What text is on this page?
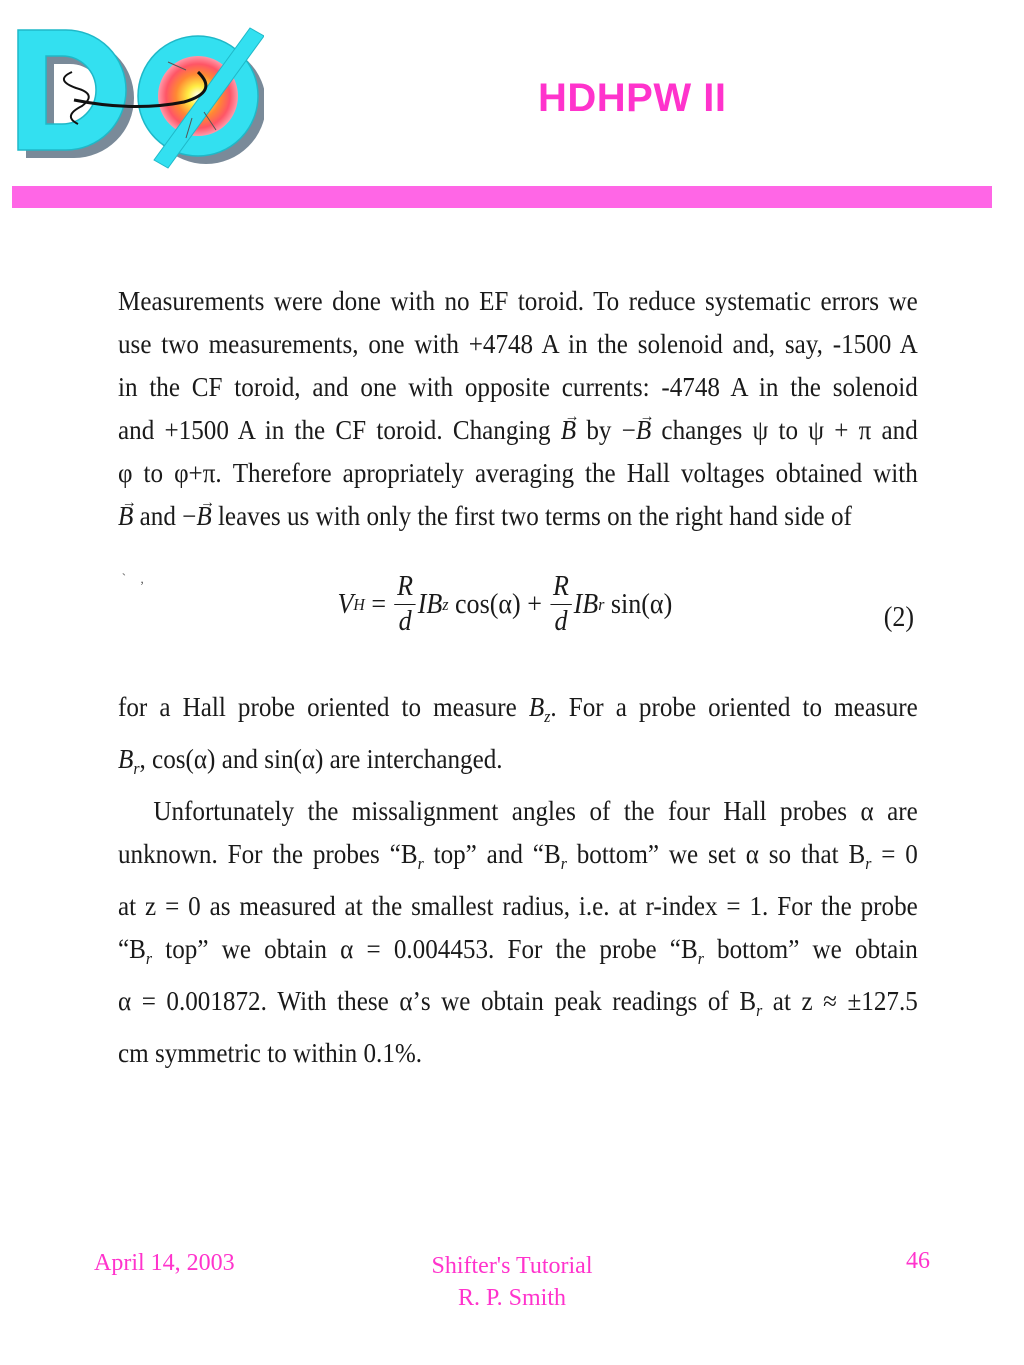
HDHPW II

Measurements were done with no EF toroid. To reduce systematic errors we
use two measurements, one with +4748 A in the solenoid and, say, -1500 A
in the CF toroid, and one with opposite currents: -4748 A in the solenoid
and +1500 A in the CF toroid. Changing → B by −→ B changes ψ to ψ + π and
φ to φ+π. Therefore apropriately averaging the Hall voltages obtained with
→ B and −→ B leaves us with only the first two terms on the right hand side of

` ,
V $H = \frac{R}{d}$ IB z $\cos(\alpha) + \frac{R}{d}$ IB r sin(α)	(2)

for a Hall probe oriented to measure $B_z$. For a probe oriented to measure
$B_r$, cos(α) and sin(α) are interchanged.

Unfortunately the missalignment angles of the four Hall probes α are
unknown. For the probes “$B_r$ top” and “$B_r$ bottom” we set α so that $B_r = 0$
at z = 0 as measured at the smallest radius, i.e. at r-index = 1. For the probe
“$B_r$ top” we obtain α = 0.004453. For the probe “$B_r$ bottom” we obtain
α = 0.001872. With these α’s we obtain peak readings of $B_r$ at z ≈ ±127.5
cm symmetric to within 0.1%.

April 14, 2003	Shifter's Tutorial
R. P. Smith
46
